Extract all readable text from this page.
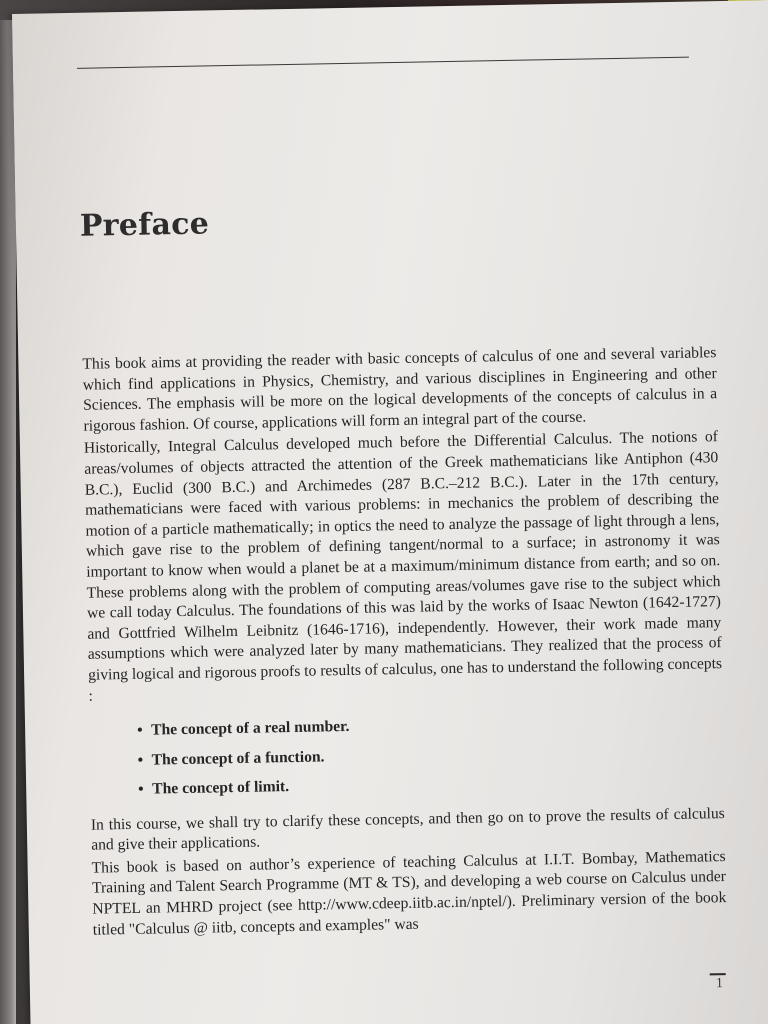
Preface

This book aims at providing the reader with basic concepts of calculus of one and several variables which find applications in Physics, Chemistry, and various disciplines in Engineering and other Sciences. The emphasis will be more on the logical developments of the concepts of calculus in a rigorous fashion. Of course, applications will form an integral part of the course.

Historically, Integral Calculus developed much before the Differential Calculus. The notions of areas/volumes of objects attracted the attention of the Greek mathematicians like Antiphon (430 B.C.), Euclid (300 B.C.) and Archimedes (287 B.C.–212 B.C.). Later in the 17th century, mathematicians were faced with various problems: in mechanics the problem of describing the motion of a particle mathematically; in optics the need to analyze the passage of light through a lens, which gave rise to the problem of defining tangent/normal to a surface; in astronomy it was important to know when would a planet be at a maximum/minimum distance from earth; and so on. These problems along with the problem of computing areas/volumes gave rise to the subject which we call today Calculus. The foundations of this was laid by the works of Isaac Newton (1642-1727) and Gottfried Wilhelm Leibnitz (1646-1716), independently. However, their work made many assumptions which were analyzed later by many mathematicians. They realized that the process of giving logical and rigorous proofs to results of calculus, one has to understand the following concepts :

• The concept of a real number.
• The concept of a function.
• The concept of limit.

In this course, we shall try to clarify these concepts, and then go on to prove the results of calculus and give their applications.

This book is based on author’s experience of teaching Calculus at I.I.T. Bombay, Mathematics Training and Talent Search Programme (MT & TS), and developing a web course on Calculus under NPTEL an MHRD project (see http://www.cdeep.iitb.ac.in/nptel/). Preliminary version of the book titled "Calculus @ iitb, concepts and examples" was

1
